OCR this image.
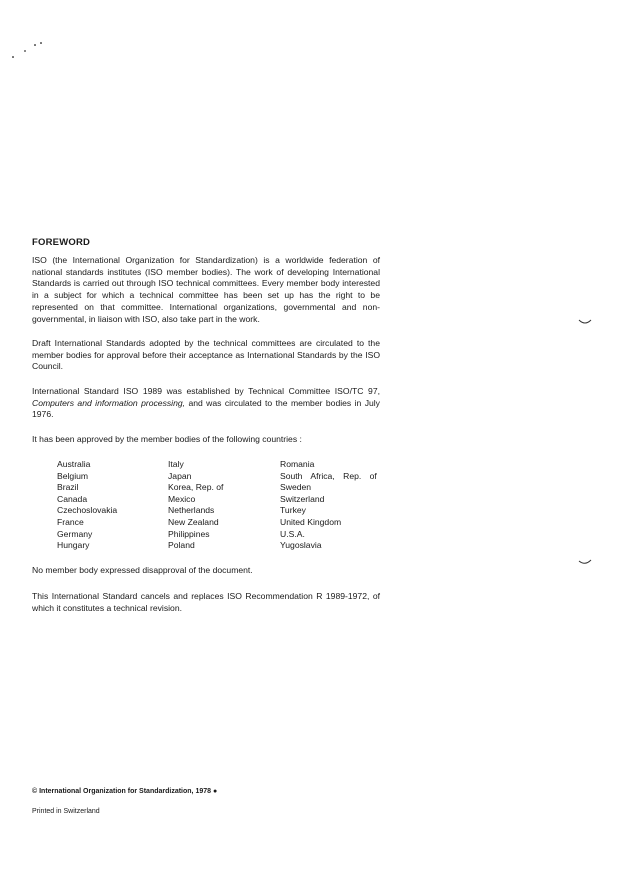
FOREWORD

ISO (the International Organization for Standardization) is a worldwide federation of national standards institutes (ISO member bodies). The work of developing International Standards is carried out through ISO technical committees. Every member body interested in a subject for which a technical committee has been set up has the right to be represented on that committee. International organizations, governmental and non-governmental, in liaison with ISO, also take part in the work.

Draft International Standards adopted by the technical committees are circulated to the member bodies for approval before their acceptance as International Standards by the ISO Council.

International Standard ISO 1989 was established by Technical Committee ISO/TC 97, Computers and information processing, and was circulated to the member bodies in July 1976.

It has been approved by the member bodies of the following countries :

Australia
Belgium
Brazil
Canada
Czechoslovakia
France
Germany
Hungary
Italy
Japan
Korea, Rep. of
Mexico
Netherlands
New Zealand
Philippines
Poland
Romania
South Africa, Rep. of
Sweden
Switzerland
Turkey
United Kingdom
U.S.A.
Yugoslavia

No member body expressed disapproval of the document.

This International Standard cancels and replaces ISO Recommendation R 1989-1972, of which it constitutes a technical revision.

© International Organization for Standardization, 1978 ●
Printed in Switzerland
